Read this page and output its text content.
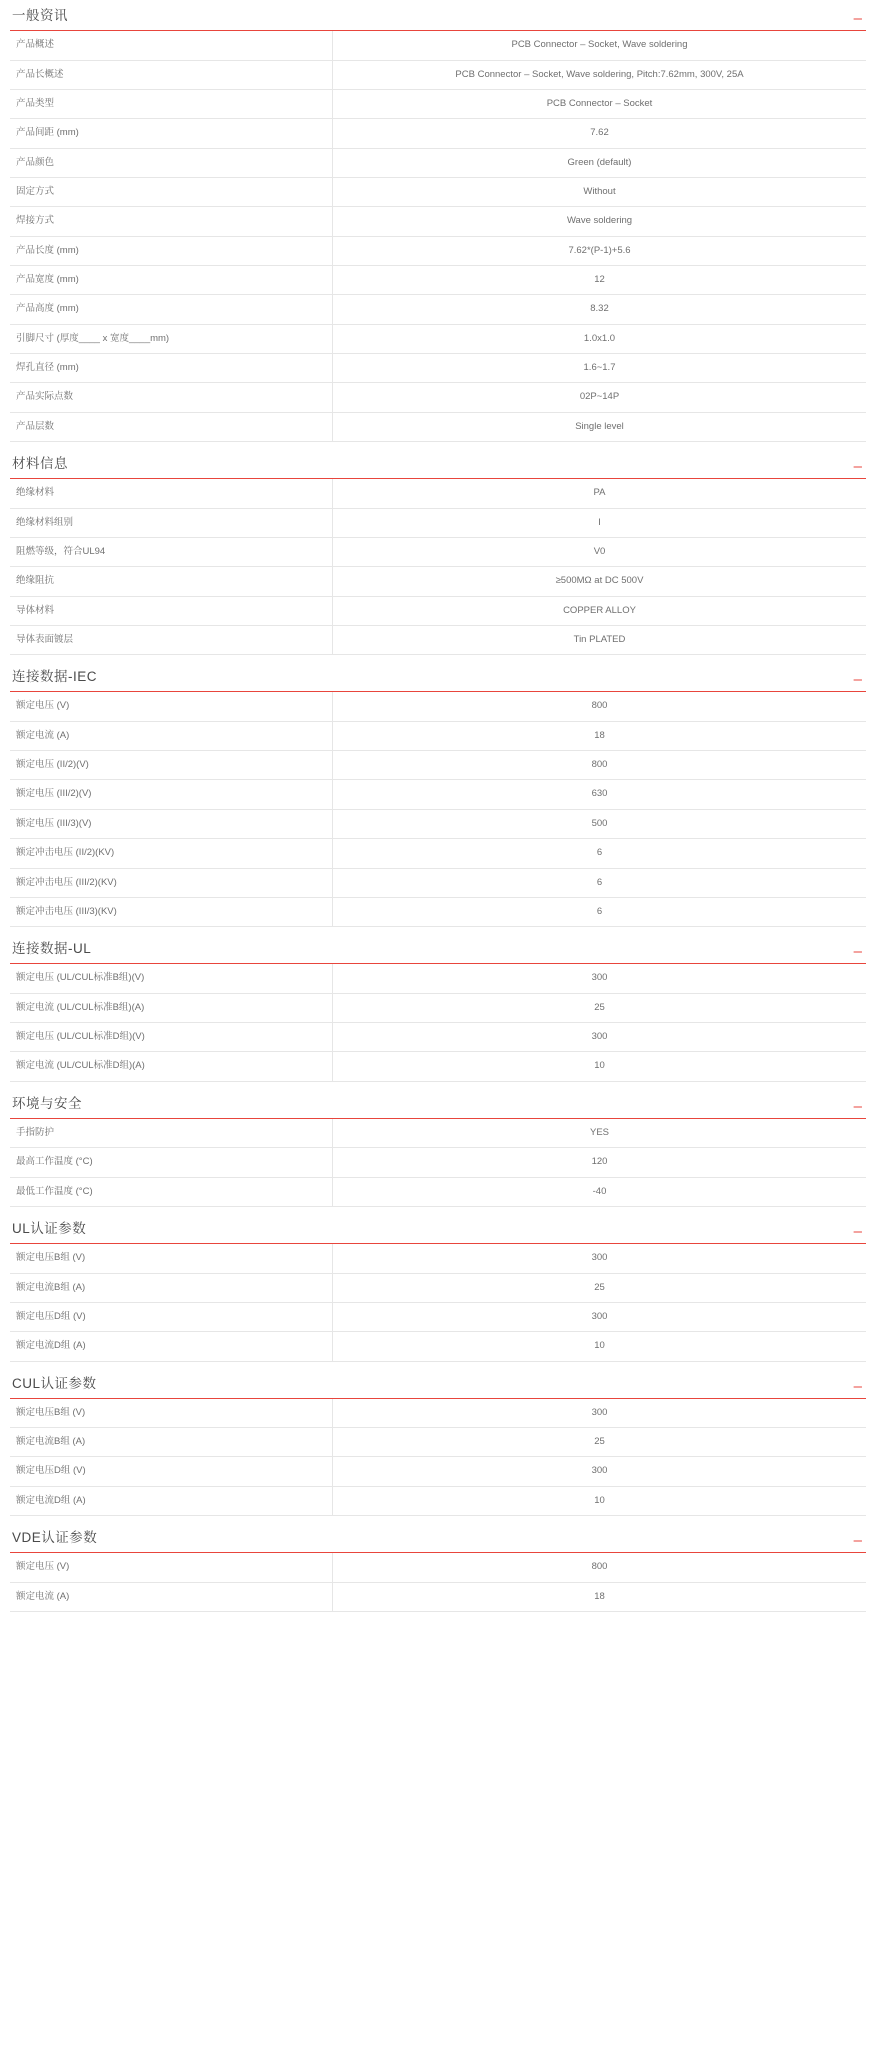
一般资讯	–
产品概述	PCB Connector – Socket, Wave soldering
产品长概述	PCB Connector – Socket, Wave soldering, Pitch:7.62mm, 300V, 25A
产品类型	PCB Connector – Socket
产品间距 (mm)	7.62
产品颜色	Green (default)
固定方式	Without
焊接方式	Wave soldering
产品长度 (mm)	7.62*(P-1)+5.6
产品宽度 (mm)	12
产品高度 (mm)	8.32
引脚尺寸 (厚度____ x 宽度____mm)	1.0x1.0
焊孔直径 (mm)	1.6~1.7
产品实际点数	02P~14P
产品层数	Single level
材料信息	–
绝缘材料	PA
绝缘材料组别	I
阻燃等级，符合UL94	V0
绝缘阻抗	≥500MΩ at DC 500V
导体材料	COPPER ALLOY
导体表面镀层	Tin PLATED
连接数据-IEC	–
额定电压 (V)	800
额定电流 (A)	18
额定电压 (II/2)(V)	800
额定电压 (III/2)(V)	630
额定电压 (III/3)(V)	500
额定冲击电压 (II/2)(KV)	6
额定冲击电压 (III/2)(KV)	6
额定冲击电压 (III/3)(KV)	6
连接数据-UL	–
额定电压 (UL/CUL标准B组)(V)	300
额定电流 (UL/CUL标准B组)(A)	25
额定电压 (UL/CUL标准D组)(V)	300
额定电流 (UL/CUL标准D组)(A)	10
环境与安全	–
手指防护	YES
最高工作温度 (°C)	120
最低工作温度 (°C)	-40
UL认证参数	–
额定电压B组 (V)	300
额定电流B组 (A)	25
额定电压D组 (V)	300
额定电流D组 (A)	10
CUL认证参数	–
额定电压B组 (V)	300
额定电流B组 (A)	25
额定电压D组 (V)	300
额定电流D组 (A)	10
VDE认证参数	–
额定电压 (V)	800
额定电流 (A)	18
